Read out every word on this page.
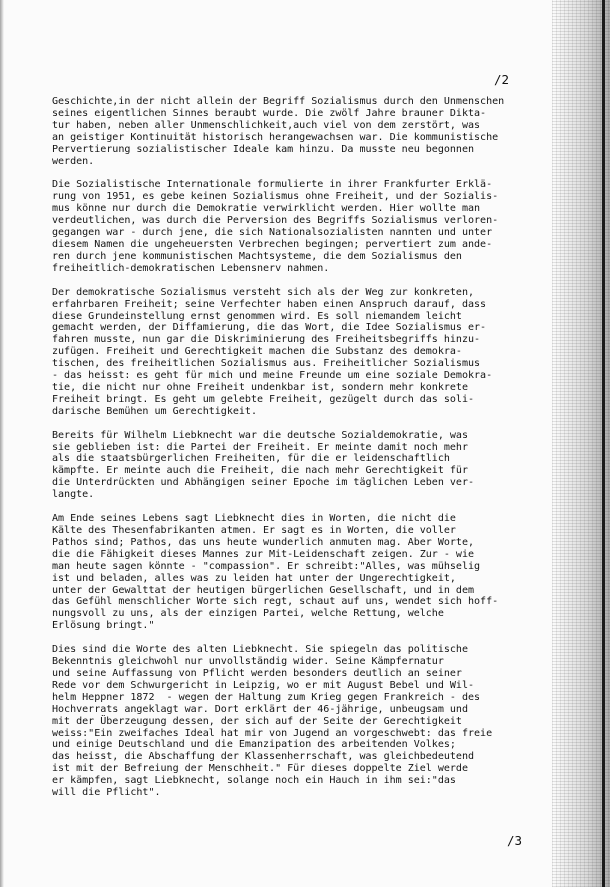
/2
Geschichte,in der nicht allein der Begriff Sozialismus durch den Unmenschen
seines eigentlichen Sinnes beraubt wurde. Die zwölf Jahre brauner Dikta-
tur haben, neben aller Unmenschlichkeit,auch viel von dem zerstört, was
an geistiger Kontinuität historisch herangewachsen war. Die kommunistische
Pervertierung sozialistischer Ideale kam hinzu. Da musste neu begonnen
werden.
Die Sozialistische Internationale formulierte in ihrer Frankfurter Erklä-
rung von 1951, es gebe keinen Sozialismus ohne Freiheit, und der Sozialis-
mus könne nur durch die Demokratie verwirklicht werden. Hier wollte man
verdeutlichen, was durch die Perversion des Begriffs Sozialismus verloren-
gegangen war - durch jene, die sich Nationalsozialisten nannten und unter
diesem Namen die ungeheuersten Verbrechen begingen; pervertiert zum ande-
ren durch jene kommunistischen Machtsysteme, die dem Sozialismus den
freiheitlich-demokratischen Lebensnerv nahmen.
Der demokratische Sozialismus versteht sich als der Weg zur konkreten,
erfahrbaren Freiheit; seine Verfechter haben einen Anspruch darauf, dass
diese Grundeinstellung ernst genommen wird. Es soll niemandem leicht
gemacht werden, der Diffamierung, die das Wort, die Idee Sozialismus er-
fahren musste, nun gar die Diskriminierung des Freiheitsbegriffs hinzu-
zufügen. Freiheit und Gerechtigkeit machen die Substanz des demokra-
tischen, des freiheitlichen Sozialismus aus. Freiheitlicher Sozialismus
- das heisst: es geht für mich und meine Freunde um eine soziale Demokra-
tie, die nicht nur ohne Freiheit undenkbar ist, sondern mehr konkrete
Freiheit bringt. Es geht um gelebte Freiheit, gezügelt durch das soli-
darische Bemühen um Gerechtigkeit.
Bereits für Wilhelm Liebknecht war die deutsche Sozialdemokratie, was
sie geblieben ist: die Partei der Freiheit. Er meinte damit noch mehr
als die staatsbürgerlichen Freiheiten, für die er leidenschaftlich
kämpfte. Er meinte auch die Freiheit, die nach mehr Gerechtigkeit für
die Unterdrückten und Abhängigen seiner Epoche im täglichen Leben ver-
langte.
Am Ende seines Lebens sagt Liebknecht dies in Worten, die nicht die
Kälte des Thesenfabrikanten atmen. Er sagt es in Worten, die voller
Pathos sind; Pathos, das uns heute wunderlich anmuten mag. Aber Worte,
die die Fähigkeit dieses Mannes zur Mit-Leidenschaft zeigen. Zur - wie
man heute sagen könnte - "compassion". Er schreibt:"Alles, was mühselig
ist und beladen, alles was zu leiden hat unter der Ungerechtigkeit,
unter der Gewalttat der heutigen bürgerlichen Gesellschaft, und in dem
das Gefühl menschlicher Worte sich regt, schaut auf uns, wendet sich hoff-
nungsvoll zu uns, als der einzigen Partei, welche Rettung, welche
Erlösung bringt."
Dies sind die Worte des alten Liebknecht. Sie spiegeln das politische
Bekenntnis gleichwohl nur unvollständig wider. Seine Kämpfernatur
und seine Auffassung von Pflicht werden besonders deutlich an seiner
Rede vor dem Schwurgericht in Leipzig, wo er mit August Bebel und Wil-
helm Heppner 1872  - wegen der Haltung zum Krieg gegen Frankreich - des
Hochverrats angeklagt war. Dort erklärt der 46-jährige, unbeugsam und
mit der Überzeugung dessen, der sich auf der Seite der Gerechtigkeit
weiss:"Ein zweifaches Ideal hat mir von Jugend an vorgeschwebt: das freie
und einige Deutschland und die Emanzipation des arbeitenden Volkes;
das heisst, die Abschaffung der Klassenherrschaft, was gleichbedeutend
ist mit der Befreiung der Menschheit." Für dieses doppelte Ziel werde
er kämpfen, sagt Liebknecht, solange noch ein Hauch in ihm sei:"das
will die Pflicht".
/3
